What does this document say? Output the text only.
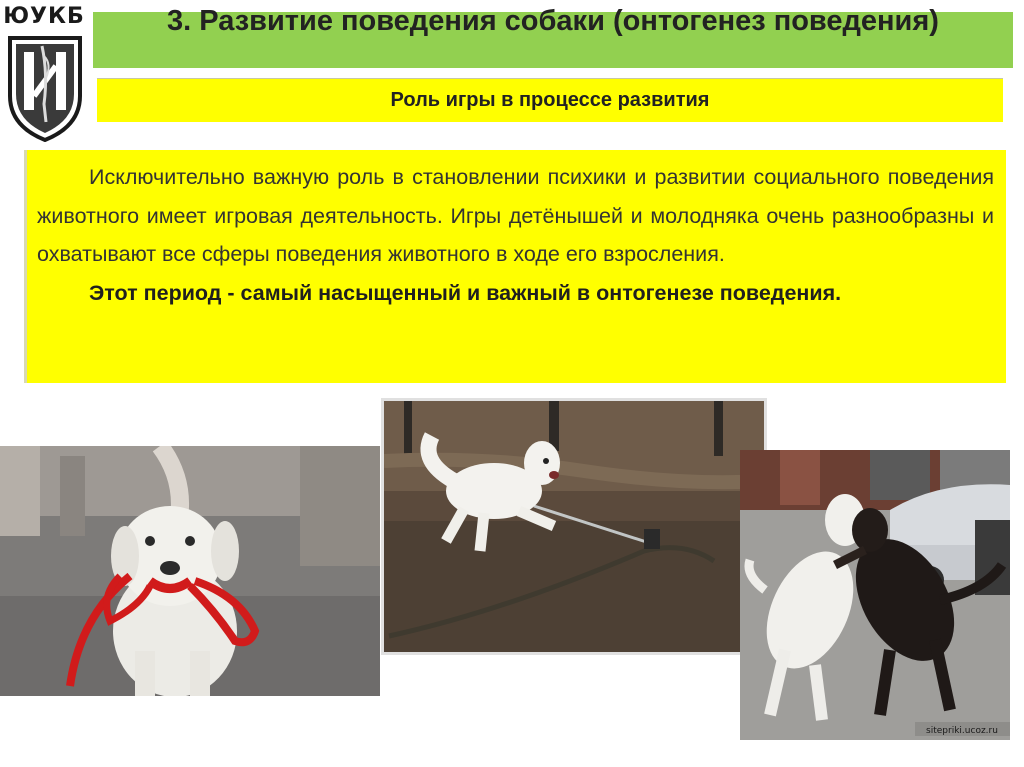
ЮУКБ	3. Развитие поведения собаки (онтогенез поведения)
Роль игры в процессе развития

Исключительно важную роль в становлении психики и развитии социального поведения животного имеет игровая деятельность. Игры детёнышей и молодняка очень разнообразны и охватывают все сферы поведения животного в ходе его взросления.

Этот период - самый насыщенный и важный в онтогенезе поведения.

sitepriki.ucoz.ru
